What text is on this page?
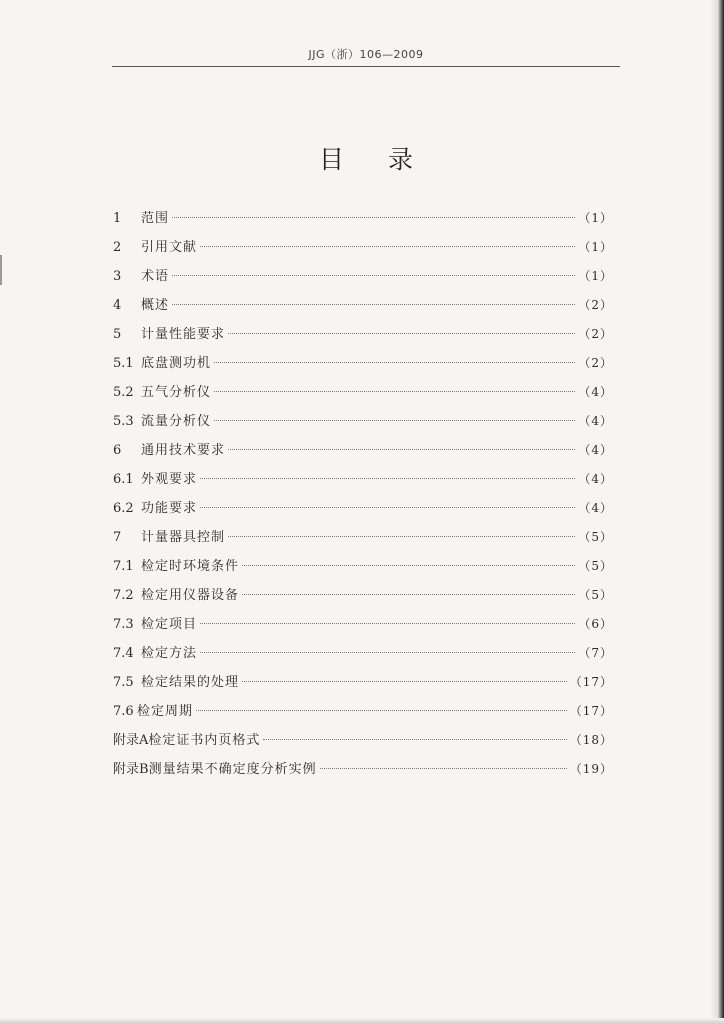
JJG（浙）106—2009
目 录
1	范围	（1）
2	引用文献	（1）
3	术语	（1）
4	概述	（2）
5	计量性能要求	（2）
5.1 底盘测功机	（2）
5.2 五气分析仪	（4）
5.3 流量分析仪	（4）
6	通用技术要求	（4）
6.1 外观要求	（4）
6.2 功能要求	（4）
7	计量器具控制	（5）
7.1 检定时环境条件	（5）
7.2 检定用仪器设备	（5）
7.3 检定项目	（6）
7.4 检定方法	（7）
7.5 检定结果的处理	（17）
7.6 检定周期	（17）
附录A 检定证书内页格式	（18）
附录B 测量结果不确定度分析实例	（19）
